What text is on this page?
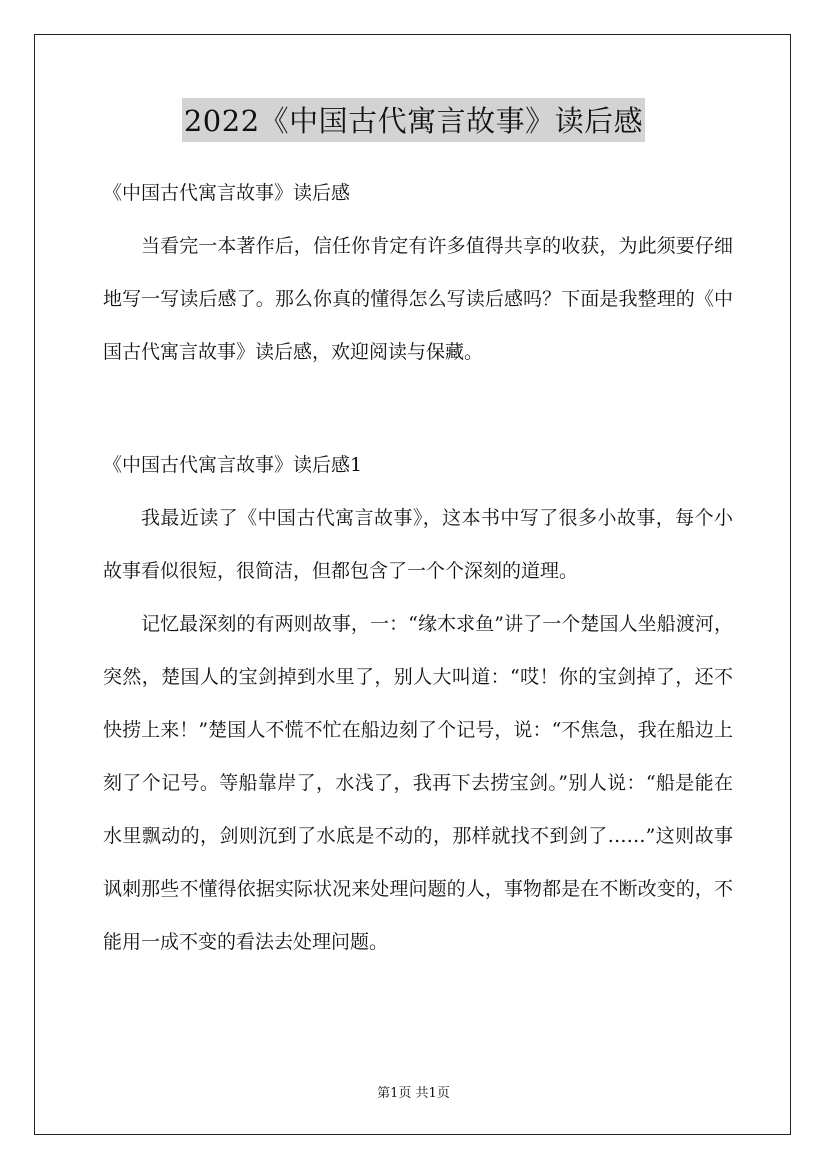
2022《中国古代寓言故事》读后感
《中国古代寓言故事》读后感

当看完一本著作后，信任你肯定有许多值得共享的收获，为此须要仔细地写一写读后感了。那么你真的懂得怎么写读后感吗？下面是我整理的《中国古代寓言故事》读后感，欢迎阅读与保藏。

《中国古代寓言故事》读后感1

我最近读了《中国古代寓言故事》，这本书中写了很多小故事，每个小故事看似很短，很简洁，但都包含了一个个深刻的道理。

记忆最深刻的有两则故事，一：“缘木求鱼”讲了一个楚国人坐船渡河，突然，楚国人的宝剑掉到水里了，别人大叫道：“哎！你的宝剑掉了，还不快捞上来！”楚国人不慌不忙在船边刻了个记号，说：“不焦急，我在船边上刻了个记号。等船靠岸了，水浅了，我再下去捞宝剑。”别人说：“船是能在水里飘动的，剑则沉到了水底是不动的，那样就找不到剑了……”这则故事讽刺那些不懂得依据实际状况来处理问题的人，事物都是在不断改变的，不能用一成不变的看法去处理问题。

第1页 共1页
